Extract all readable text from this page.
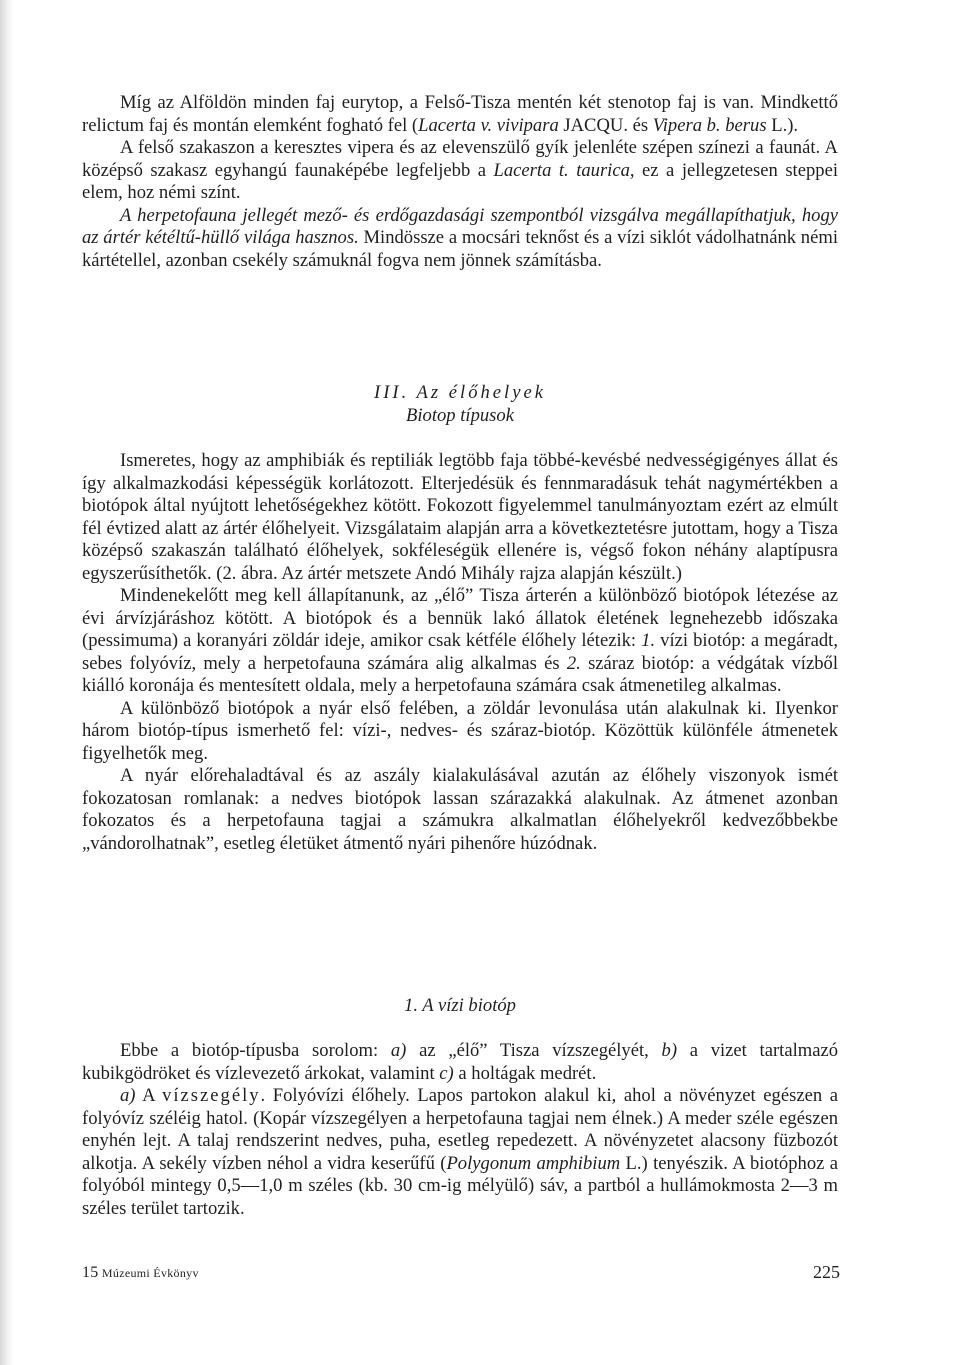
Míg az Alföldön minden faj eurytop, a Felső-Tisza mentén két stenotop faj is van. Mindkettő relictum faj és montán elemként fogható fel (Lacerta v. vivipara JACQU. és Vipera b. berus L.).

A felső szakaszon a keresztes vipera és az elevenszülő gyík jelenléte szépen színezi a faunát. A középső szakasz egyhangú faunaképébe legfeljebb a Lacerta t. taurica, ez a jellegzetesen steppei elem, hoz némi színt.

A herpetofauna jellegét mező- és erdőgazdasági szempontból vizsgálva megállapíthatjuk, hogy az ártér kétéltű-hüllő világa hasznos. Mindössze a mocsári teknőst és a vízi siklót vádolhatnánk némi kártétellel, azonban csekély számuknál fogva nem jönnek számításba.

III. Az élőhelyek
Biotop típusok

Ismeretes, hogy az amphibiák és reptiliák legtöbb faja többé-kevésbé nedvességigényes állat és így alkalmazkodási képességük korlátozott. Elterjedésük és fennmaradásuk tehát nagymértékben a biotópok által nyújtott lehetőségekhez kötött. Fokozott figyelemmel tanulmányoztam ezért az elmúlt fél évtized alatt az ártér élőhelyeit. Vizsgálataim alapján arra a következtetésre jutottam, hogy a Tisza középső szakaszán található élőhelyek, sokféleségük ellenére is, végső fokon néhány alaptípusra egyszerűsíthetők. (2. ábra. Az ártér metszete Andó Mihály rajza alapján készült.)

Mindenekelőtt meg kell állapítanunk, az „élő” Tisza árterén a különböző biotópok létezése az évi árvízjáráshoz kötött. A biotópok és a bennük lakó állatok életének legnehezebb időszaka (pessimuma) a koranyári zöldár ideje, amikor csak kétféle élőhely létezik: 1. vízi biotóp: a megáradt, sebes folyóvíz, mely a herpetofauna számára alig alkalmas és 2. száraz biotóp: a védgátak vízből kiálló koronája és mentesített oldala, mely a herpetofauna számára csak átmenetileg alkalmas.

A különböző biotópok a nyár első felében, a zöldár levonulása után alakulnak ki. Ilyenkor három biotóp-típus ismerhető fel: vízi-, nedves- és száraz-biotóp. Közöttük különféle átmenetek figyelhetők meg.

A nyár előrehaladtával és az aszály kialakulásával azután az élőhely viszonyok ismét fokozatosan romlanak: a nedves biotópok lassan szárazakká alakulnak. Az átmenet azonban fokozatos és a herpetofauna tagjai a számukra alkalmatlan élőhelyekről kedvezőbbekbe „vándorolhatnak”, esetleg életüket átmentő nyári pihenőre húzódnak.

1. A vízi biotóp

Ebbe a biotóp-típusba sorolom: a) az „élő” Tisza vízszegélyét, b) a vizet tartalmazó kubikgödröket és vízlevezető árkokat, valamint c) a holtágak medrét.

a) A vízszegély. Folyóvízi élőhely. Lapos partokon alakul ki, ahol a növényzet egészen a folyóvíz széléig hatol. (Kopár vízszegélyen a herpetofauna tagjai nem élnek.) A meder széle egészen enyhén lejt. A talaj rendszerint nedves, puha, esetleg repedezett. A növényzetet alacsony füzbozót alkotja. A sekély vízben néhol a vidra keserűfű (Polygonum amphibium L.) tenyészik. A biotóphoz a folyóból mintegy 0,5—1,0 m széles (kb. 30 cm-ig mélyülő) sáv, a partból a hullámokmosta 2—3 m széles terület tartozik.

15 Múzeumi Évkönyv	225
